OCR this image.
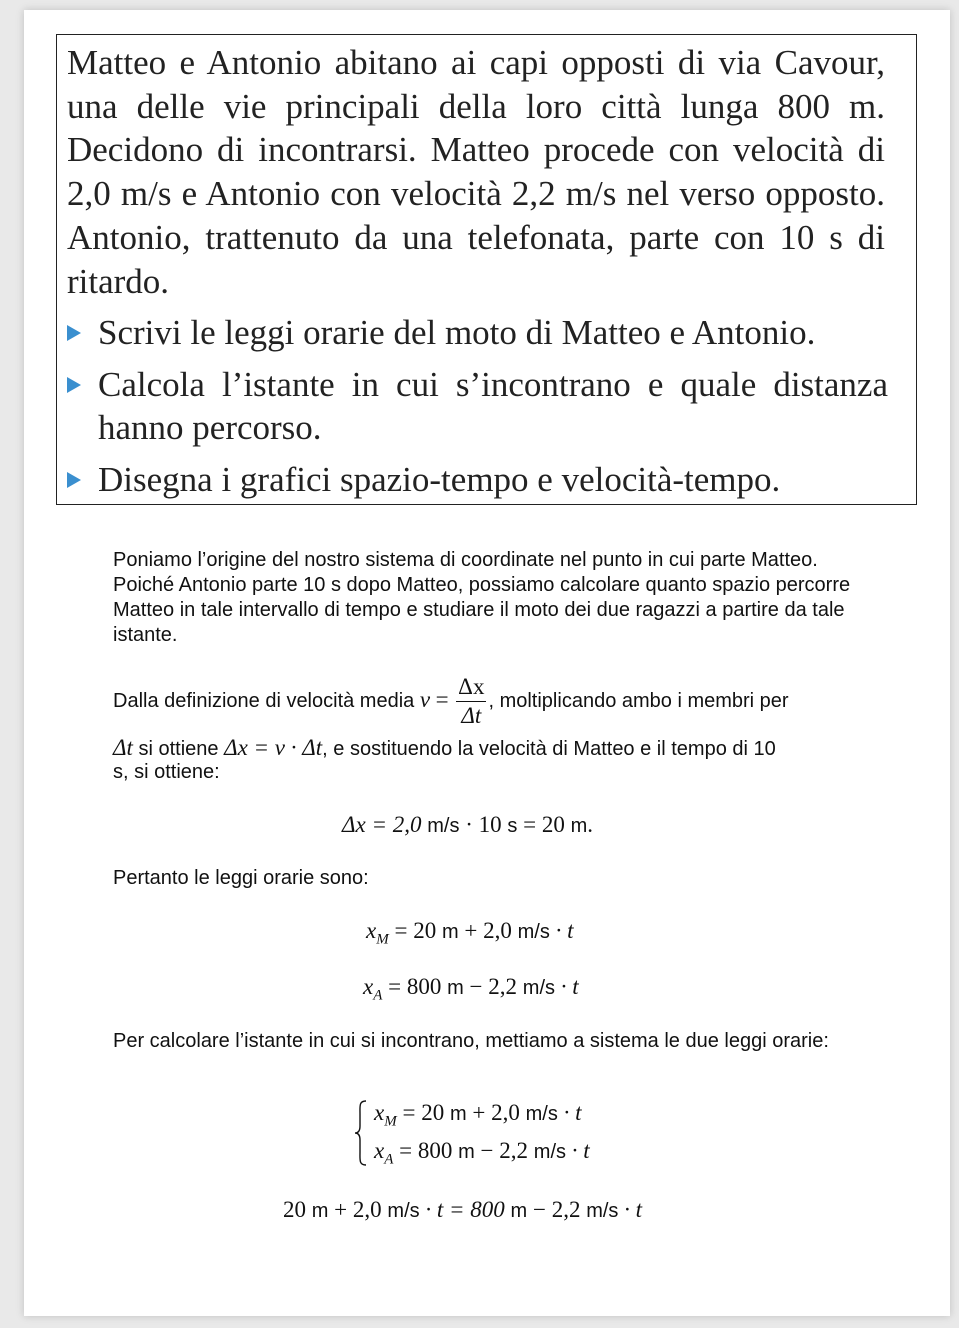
Matteo e Antonio abitano ai capi opposti di via Cavour, una delle vie principali della loro città lunga 800 m. Decidono di incontrarsi. Matteo procede con velocità di 2,0 m/s e Antonio con velocità 2,2 m/s nel verso opposto. Antonio, trattenuto da una telefonata, parte con 10 s di ritardo.
Scrivi le leggi orarie del moto di Matteo e Antonio.
Calcola l’istante in cui s’incontrano e quale distanza hanno percorso.
Disegna i grafici spazio-tempo e velocità-tempo.
Poniamo l’origine del nostro sistema di coordinate nel punto in cui parte Matteo. Poiché Antonio parte 10 s dopo Matteo, possiamo calcolare quanto spazio percorre Matteo in tale intervallo di tempo e studiare il moto dei due ragazzi a partire da tale istante.
Dalla definizione di velocità media $v = \frac{\Delta x}{\Delta t}$ , moltiplicando ambo i membri per
Δt si ottiene Δx = v · Δt, e sostituendo la velocità di Matteo e il tempo di 10
s, si ottiene:
Δx = 2,0 m/s · 10 s = 20 m.
Pertanto le leggi orarie sono:
$x_M = 20$ m + 2,0 m/s · t
$x_A = 800$ m − 2,2 m/s · t
Per calcolare l’istante in cui si incontrano, mettiamo a sistema le due leggi orarie:
$x_M = 20$ m + 2,0 m/s · t
$x_A = 800$ m − 2,2 m/s · t
20 m + 2,0 m/s · t = 800 m − 2,2 m/s · t
